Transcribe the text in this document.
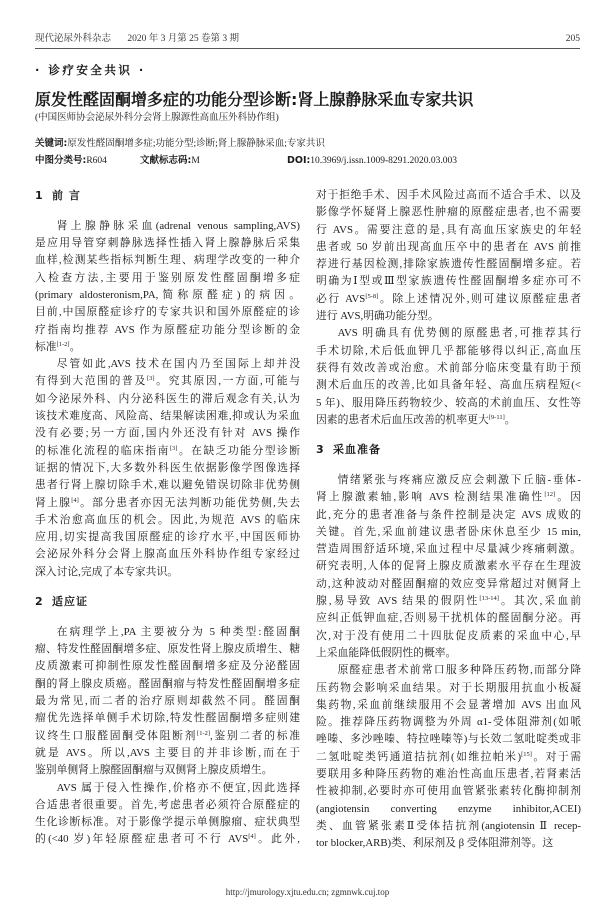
现代泌尿外科杂志 2020 年 3 月第 25 卷第 3 期	205
· 诊疗安全共识 ·
原发性醛固酮增多症的功能分型诊断:肾上腺静脉采血专家共识
(中国医师协会泌尿外科分会肾上腺源性高血压外科协作组)
关键词:原发性醛固酮增多症;功能分型;诊断;肾上腺静脉采血;专家共识
中图分类号:R604	文献标志码:M	DOI:10.3969/j.issn.1009-8291.2020.03.003
1 前 言
肾上腺静脉采血(adrenal venous sampling,AVS)
是应用导管穿刺静脉选择性插入肾上腺静脉后采集
血样,检测某些指标判断生理、病理学改变的一种介
入检查方法,主要用于鉴别原发性醛固酮增多症
(primary aldosteronism,PA,简称原醛症)的病因。
目前,中国原醛症诊疗的专家共识和国外原醛症的诊
疗指南均推荐 AVS 作为原醛症功能分型诊断的金
标准[1-2]。
尽管如此,AVS 技术在国内乃至国际上却并没
有得到大范围的普及[3]。究其原因,一方面,可能与
如今泌尿外科、内分泌科医生的滞后观念有关,认为
该技术难度高、风险高、结果解读困难,抑或认为采血
没有必要;另一方面,国内外还没有针对 AVS 操作
的标准化流程的临床指南[3]。在缺乏功能分型诊断
证据的情况下,大多数外科医生依据影像学图像选择
患者行肾上腺切除手术,难以避免错误切除非优势侧
肾上腺[4]。部分患者亦因无法判断功能优势侧,失去
手术治愈高血压的机会。因此,为规范 AVS 的临床
应用,切实提高我国原醛症的诊疗水平,中国医师协
会泌尿外科分会肾上腺高血压外科协作组专家经过
深入讨论,完成了本专家共识。
2 适应证
在病理学上,PA 主要被分为 5 种类型:醛固酮
瘤、特发性醛固酮增多症、原发性肾上腺皮质增生、糖
皮质激素可抑制性原发性醛固酮增多症及分泌醛固
酮的肾上腺皮质癌。醛固酮瘤与特发性醛固酮增多症
最为常见,而二者的治疗原则却截然不同。醛固酮
瘤优先选择单侧手术切除,特发性醛固酮增多症则建
议终生口服醛固酮受体阻断剂[1-2],鉴别二者的标准
就是 AVS。所以,AVS 主要目的并非诊断,而在于
鉴别单侧肾上腺醛固酮瘤与双侧肾上腺皮质增生。
AVS 属于侵入性操作,价格亦不便宜,因此选择
合适患者很重要。首先,考虑患者必须符合原醛症的
生化诊断标准。对于影像学提示单侧腺瘤、症状典型
的(<40 岁)年轻原醛症患者可不行 AVS[4]。此外,
对于拒绝手术、因手术风险过高而不适合手术、以及
影像学怀疑肾上腺恶性肿瘤的原醛症患者,也不需要
行 AVS。需要注意的是,具有高血压家族史的年轻
患者或 50 岁前出现高血压卒中的患者在 AVS 前推
荐进行基因检测,排除家族遗传性醛固酮增多症。若
明确为Ⅰ型或Ⅲ型家族遗传性醛固酮增多症亦可不
必行 AVS[5-8]。除上述情况外,则可建议原醛症患者
进行 AVS,明确功能分型。
AVS 明确具有优势侧的原醛患者,可推荐其行
手术切除,术后低血钾几乎都能够得以纠正,高血压
获得有效改善或治愈。术前部分临床变量有助于预
测术后血压的改善,比如具备年轻、高血压病程短(<
5 年)、服用降压药物较少、较高的术前血压、女性等
因素的患者术后血压改善的机率更大[9-11]。
3 采血准备
情绪紧张与疼痛应激反应会刺激下丘脑-垂体-
肾上腺激素轴,影响 AVS 检测结果准确性[12]。因
此,充分的患者准备与条件控制是决定 AVS 成败的
关键。首先,采血前建议患者卧床休息至少 15 min,
营造周围舒适环境,采血过程中尽量减少疼痛刺激。
研究表明,人体的促肾上腺皮质激素水平存在生理波
动,这种波动对醛固酮瘤的效应变异常超过对侧肾上
腺,易导致 AVS 结果的假阴性[13-14]。其次,采血前
应纠正低钾血症,否则易干扰机体的醛固酮分泌。再
次,对于没有使用二十四肽促皮质素的采血中心,早
上采血能降低假阴性的概率。
原醛症患者术前常口服多种降压药物,而部分降
压药物会影响采血结果。对于长期服用抗血小板凝
集药物,采血前继续服用不会显著增加 AVS 出血风
险。推荐降压药物调整为外周 α1-受体阻滞剂(如哌
唑嗪、多沙唑嗪、特拉唑嗪等)与长效二氢吡啶类或非
二氢吡啶类钙通道拮抗剂(如维拉帕米)[15]。对于需
要联用多种降压药物的难治性高血压患者,若肾素活
性被抑制,必要时亦可使用血管紧张素转化酶抑制剂
(angiotensin converting enzyme inhibitor,ACEI)
类、血管紧张素Ⅱ受体拮抗剂(angiotensin Ⅱ recep-
tor blocker,ARB)类、利尿剂及 β 受体阻滞剂等。这
http://jmurology.xjtu.edu.cn; zgmnwk.cuj.top
